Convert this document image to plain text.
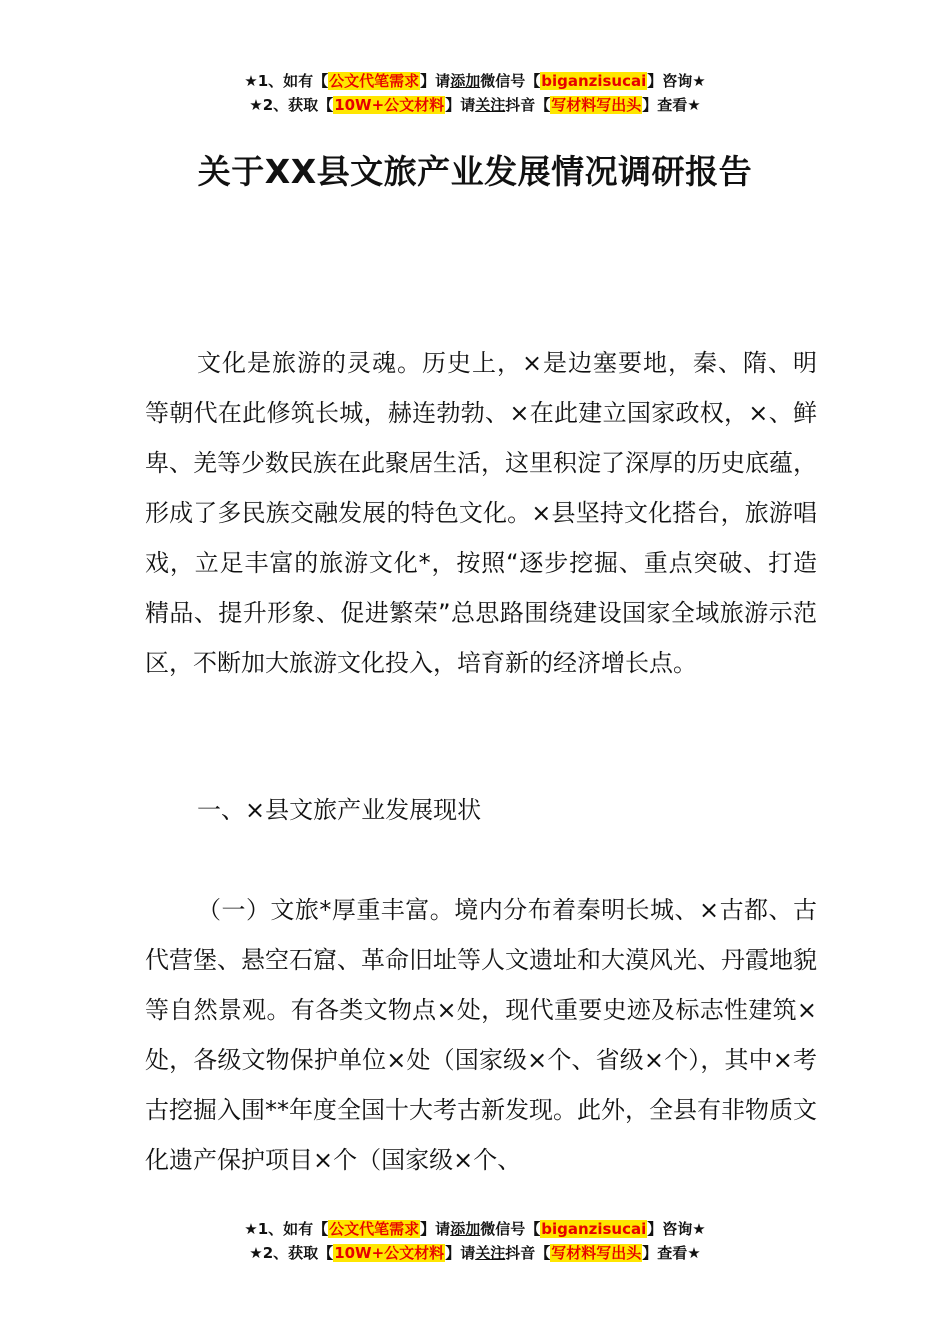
★1、如有【公文代笔需求】请添加微信号【biganzisucai】咨询★
★2、获取【10W+公文材料】请关注抖音【写材料写出头】查看★
关于XX县文旅产业发展情况调研报告
文化是旅游的灵魂。历史上，×是边塞要地，秦、隋、明等朝代在此修筑长城，赫连勃勃、×在此建立国家政权，×、鲜卑、羌等少数民族在此聚居生活，这里积淀了深厚的历史底蕴，形成了多民族交融发展的特色文化。×县坚持文化搭台，旅游唱戏，立足丰富的旅游文化*，按照“逐步挖掘、重点突破、打造精品、提升形象、促进繁荣”总思路围绕建设国家全域旅游示范区，不断加大旅游文化投入，培育新的经济增长点。
一、×县文旅产业发展现状
（一）文旅*厚重丰富。境内分布着秦明长城、×古都、古代营堡、悬空石窟、革命旧址等人文遗址和大漠风光、丹霞地貌等自然景观。有各类文物点×处，现代重要史迹及标志性建筑×处，各级文物保护单位×处（国家级×个、省级×个），其中×考古挖掘入围**年度全国十大考古新发现。此外，全县有非物质文化遗产保护项目×个（国家级×个、
★1、如有【公文代笔需求】请添加微信号【biganzisucai】咨询★
★2、获取【10W+公文材料】请关注抖音【写材料写出头】查看★
